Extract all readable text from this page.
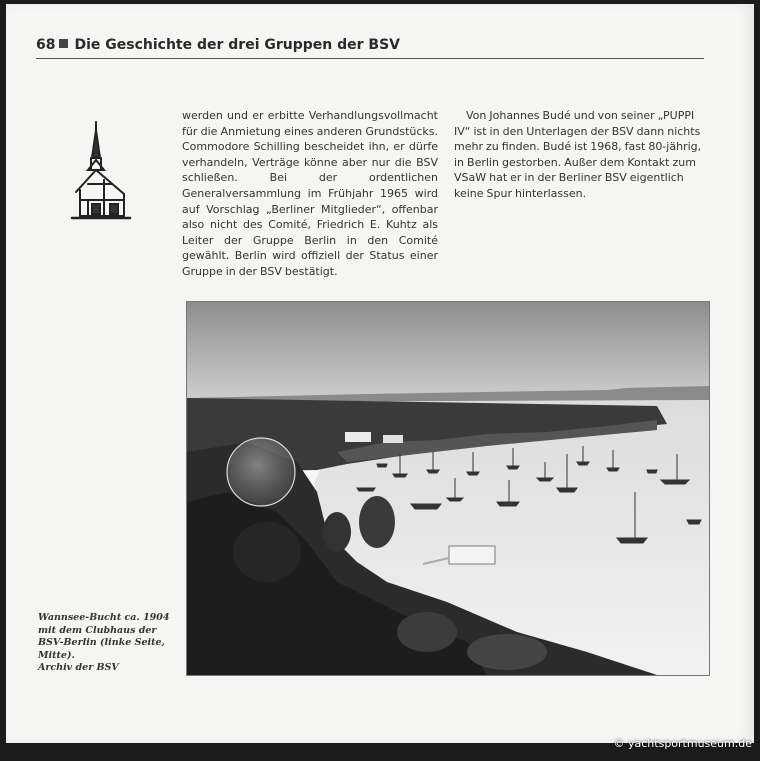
68 Die Geschichte der drei Gruppen der BSV

werden und er erbitte Verhandlungsvollmacht für die Anmietung eines anderen Grundstücks. Commodore Schilling bescheidet ihn, er dürfe verhandeln, Verträge könne aber nur die BSV schließen. Bei der ordentlichen Generalversammlung im Frühjahr 1965 wird auf Vorschlag „Berliner Mitglieder“, offenbar also nicht des Comité, Friedrich E. Kuhtz als Leiter der Gruppe Berlin in den Comité gewählt. Berlin wird offiziell der Status einer Gruppe in der BSV bestätigt.

Von Johannes Budé und von seiner „PUPPI IV“ ist in den Unterlagen der BSV dann nichts mehr zu finden. Budé ist 1968, fast 80-jährig, in Berlin gestorben. Außer dem Kontakt zum VSaW hat er in der Berliner BSV eigentlich keine Spur hinterlassen.

Wannsee-Bucht ca. 1904
mit dem Clubhaus der
BSV-Berlin (linke Seite,
Mitte).
Archiv der BSV

© yachtsportmuseum.de
